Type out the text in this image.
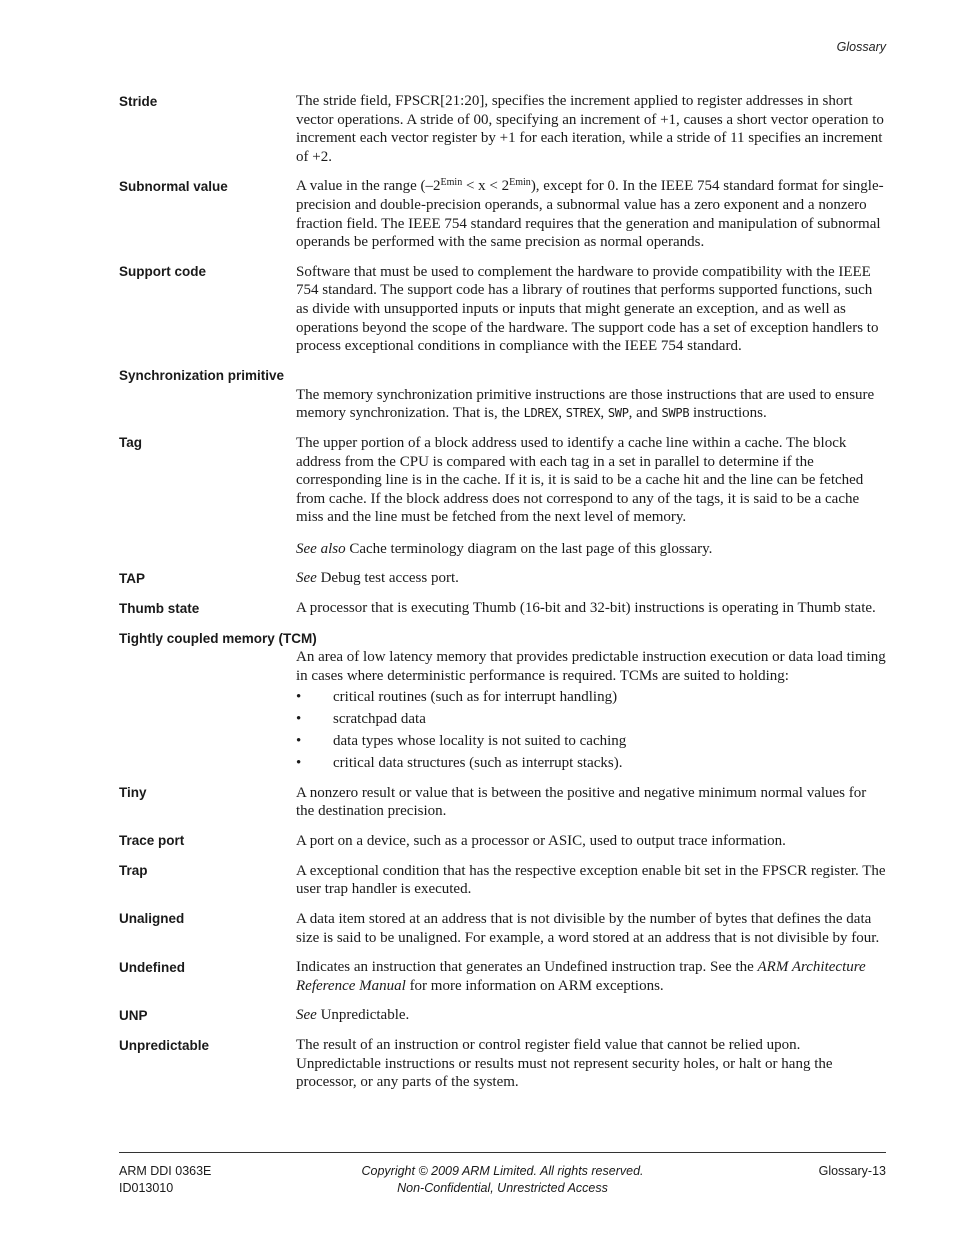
Glossary
Stride	The stride field, FPSCR[21:20], specifies the increment applied to register addresses in short vector operations. A stride of 00, specifying an increment of +1, causes a short vector operation to increment each vector register by +1 for each iteration, while a stride of 11 specifies an increment of +2.

Subnormal value	A value in the range $(-2^{Emin} < x < 2^{Emin})$, except for 0. In the IEEE 754 standard format for single-precision and double-precision operands, a subnormal value has a zero exponent and a nonzero fraction field. The IEEE 754 standard requires that the generation and manipulation of subnormal operands be performed with the same precision as normal operands.

Support code	Software that must be used to complement the hardware to provide compatibility with the IEEE 754 standard. The support code has a library of routines that performs supported functions, such as divide with unsupported inputs or inputs that might generate an exception, and as well as operations beyond the scope of the hardware. The support code has a set of exception handlers to process exceptional conditions in compliance with the IEEE 754 standard.

Synchronization primitive

The memory synchronization primitive instructions are those instructions that are used to ensure memory synchronization. That is, the LDREX, STREX, SWP, and SWPB instructions.

Tag	The upper portion of a block address used to identify a cache line within a cache. The block address from the CPU is compared with each tag in a set in parallel to determine if the corresponding line is in the cache. If it is, it is said to be a cache hit and the line can be fetched from cache. If the block address does not correspond to any of the tags, it is said to be a cache miss and the line must be fetched from the next level of memory.

See also Cache terminology diagram on the last page of this glossary.

TAP	See Debug test access port.

Thumb state	A processor that is executing Thumb (16-bit and 32-bit) instructions is operating in Thumb state.

Tightly coupled memory (TCM)

An area of low latency memory that provides predictable instruction execution or data load timing in cases where deterministic performance is required. TCMs are suited to holding:

•	critical routines (such as for interrupt handling)
•	scratchpad data
•	data types whose locality is not suited to caching
•	critical data structures (such as interrupt stacks).
Tiny	A nonzero result or value that is between the positive and negative minimum normal values for the destination precision.

Trace port	A port on a device, such as a processor or ASIC, used to output trace information.

Trap	A exceptional condition that has the respective exception enable bit set in the FPSCR register. The user trap handler is executed.

Unaligned	A data item stored at an address that is not divisible by the number of bytes that defines the data size is said to be unaligned. For example, a word stored at an address that is not divisible by four.

Undefined	Indicates an instruction that generates an Undefined instruction trap. See the ARM Architecture Reference Manual for more information on ARM exceptions.

UNP	See Unpredictable.

Unpredictable	The result of an instruction or control register field value that cannot be relied upon. Unpredictable instructions or results must not represent security holes, or halt or hang the processor, or any parts of the system.

ARM DDI 0363E
ID013010
Copyright © 2009 ARM Limited. All rights reserved.
Non-Confidential, Unrestricted Access
Glossary-13
